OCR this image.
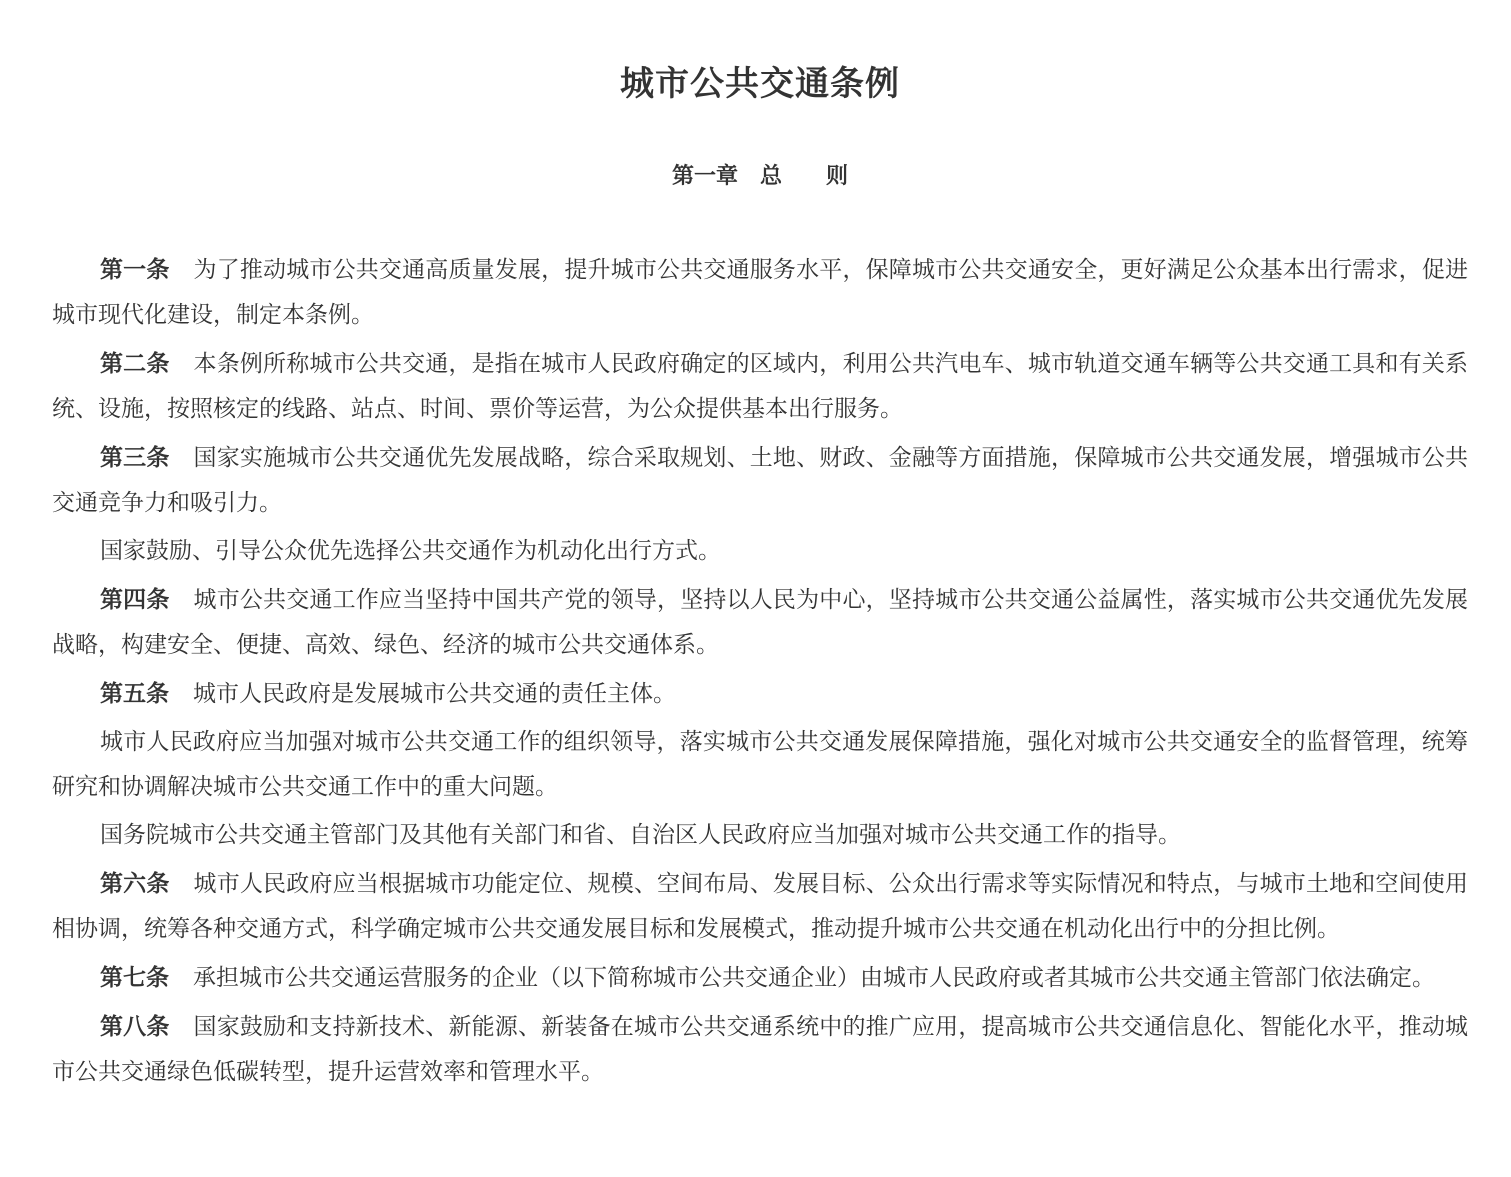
城市公共交通条例
第一章　总　　则

第一条 为了推动城市公共交通高质量发展，提升城市公共交通服务水平，保障城市公共交通安全，更好满足公众基本出行需求，促进城市现代化建设，制定本条例。

第二条 本条例所称城市公共交通，是指在城市人民政府确定的区域内，利用公共汽电车、城市轨道交通车辆等公共交通工具和有关系统、设施，按照核定的线路、站点、时间、票价等运营，为公众提供基本出行服务。

第三条 国家实施城市公共交通优先发展战略，综合采取规划、土地、财政、金融等方面措施，保障城市公共交通发展，增强城市公共交通竞争力和吸引力。

国家鼓励、引导公众优先选择公共交通作为机动化出行方式。

第四条 城市公共交通工作应当坚持中国共产党的领导，坚持以人民为中心，坚持城市公共交通公益属性，落实城市公共交通优先发展战略，构建安全、便捷、高效、绿色、经济的城市公共交通体系。

第五条 城市人民政府是发展城市公共交通的责任主体。

城市人民政府应当加强对城市公共交通工作的组织领导，落实城市公共交通发展保障措施，强化对城市公共交通安全的监督管理，统筹研究和协调解决城市公共交通工作中的重大问题。

国务院城市公共交通主管部门及其他有关部门和省、自治区人民政府应当加强对城市公共交通工作的指导。

第六条 城市人民政府应当根据城市功能定位、规模、空间布局、发展目标、公众出行需求等实际情况和特点，与城市土地和空间使用相协调，统筹各种交通方式，科学确定城市公共交通发展目标和发展模式，推动提升城市公共交通在机动化出行中的分担比例。

第七条 承担城市公共交通运营服务的企业（以下简称城市公共交通企业）由城市人民政府或者其城市公共交通主管部门依法确定。

第八条 国家鼓励和支持新技术、新能源、新装备在城市公共交通系统中的推广应用，提高城市公共交通信息化、智能化水平，推动城市公共交通绿色低碳转型，提升运营效率和管理水平。
